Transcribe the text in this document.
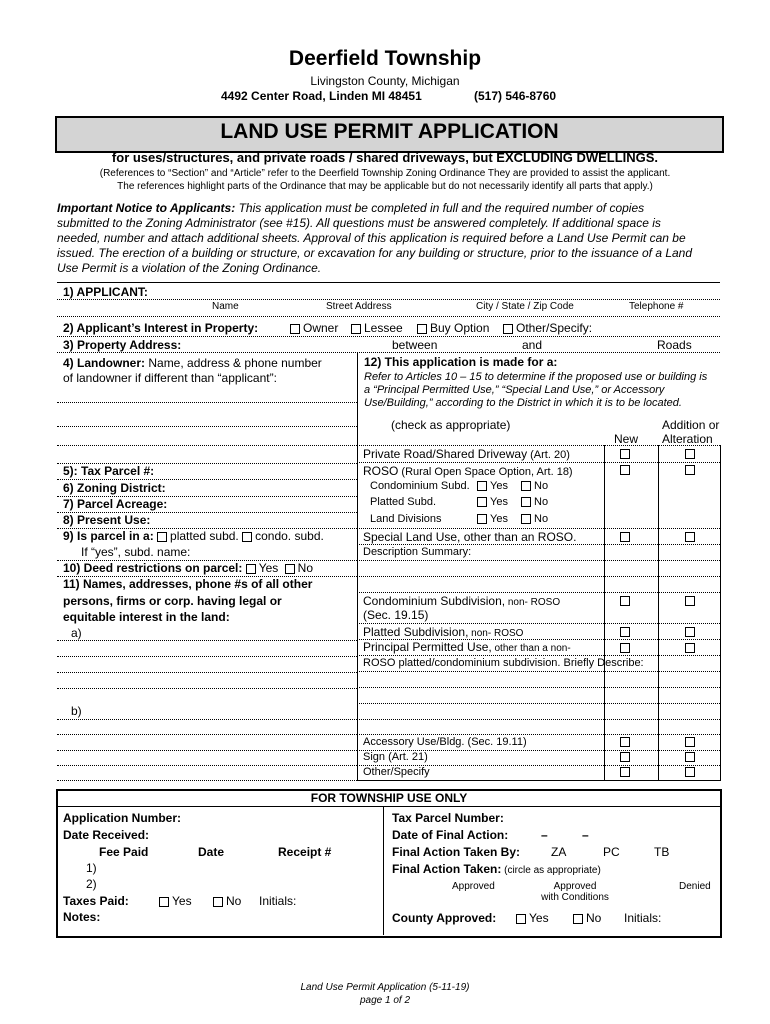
Deerfield Township
Livingston County, Michigan
4492 Center Road, Linden MI 48451	(517) 546-8760
LAND USE PERMIT APPLICATION
for uses/structures, and private roads / shared driveways, but EXCLUDING DWELLINGS.
(References to “Section” and “Article” refer to the Deerfield Township Zoning Ordinance They are provided to assist the applicant.
The references highlight parts of the Ordinance that may be applicable but do not necessarily identify all parts that apply.)
Important Notice to Applicants: This application must be completed in full and the required number of copies
submitted to the Zoning Administrator (see #15). All questions must be answered completely. If additional space is
needed, number and attach additional sheets. Approval of this application is required before a Land Use Permit can be
issued. The erection of a building or structure, or excavation for any building or structure, prior to the issuance of a Land
Use Permit is a violation of the Zoning Ordinance.
1) APPLICANT:
Name	Street Address	City / State / Zip Code	Telephone #
2) Applicant’s Interest in Property:	Owner	Lessee	Buy Option	Other/Specify:
3) Property Address:	between	and	Roads
4) Landowner: Name, address & phone number
of landowner if different than “applicant”:
5): Tax Parcel #:
6) Zoning District:
7) Parcel Acreage:
8) Present Use:
9) Is parcel in a: platted subd. condo. subd.
If “yes”, subd. name:
10) Deed restrictions on parcel: Yes No
11) Names, addresses, phone #s of all other
persons, firms or corp. having legal or
equitable interest in the land:
a)
b)
12) This application is made for a:
Refer to Articles 10 – 15 to determine if the proposed use or building is
a “Principal Permitted Use,” “Special Land Use,” or Accessory
Use/Building,” according to the District in which it is to be located.
(check as appropriate)	Addition or
New Alteration
Private Road/Shared Driveway (Art. 20)
ROSO (Rural Open Space Option, Art. 18)
Condominium Subd.	Yes	No
Platted Subd.	Yes	No
Land Divisions	Yes	No
Special Land Use, other than an ROSO.
Description Summary:
Condominium Subdivision, non- ROSO
(Sec. 19.15)
Platted Subdivision, non- ROSO
Principal Permitted Use, other than a non-
ROSO platted/condominium subdivision. Briefly Describe:
Accessory Use/Bldg. (Sec. 19.11)
Sign (Art. 21)
Other/Specify
FOR TOWNSHIP USE ONLY
Application Number:
Date Received:
Fee Paid	Date	Receipt #
1)
2)
Taxes Paid:	Yes	No Initials:
Notes:
Tax Parcel Number:
Date of Final Action:	–	–
Final Action Taken By:	ZA	PC	TB
Final Action Taken: (circle as appropriate)
Approved	Approved
with Conditions
Denied
County Approved:	Yes	No Initials:
Land Use Permit Application (5-11-19)
page 1 of 2
